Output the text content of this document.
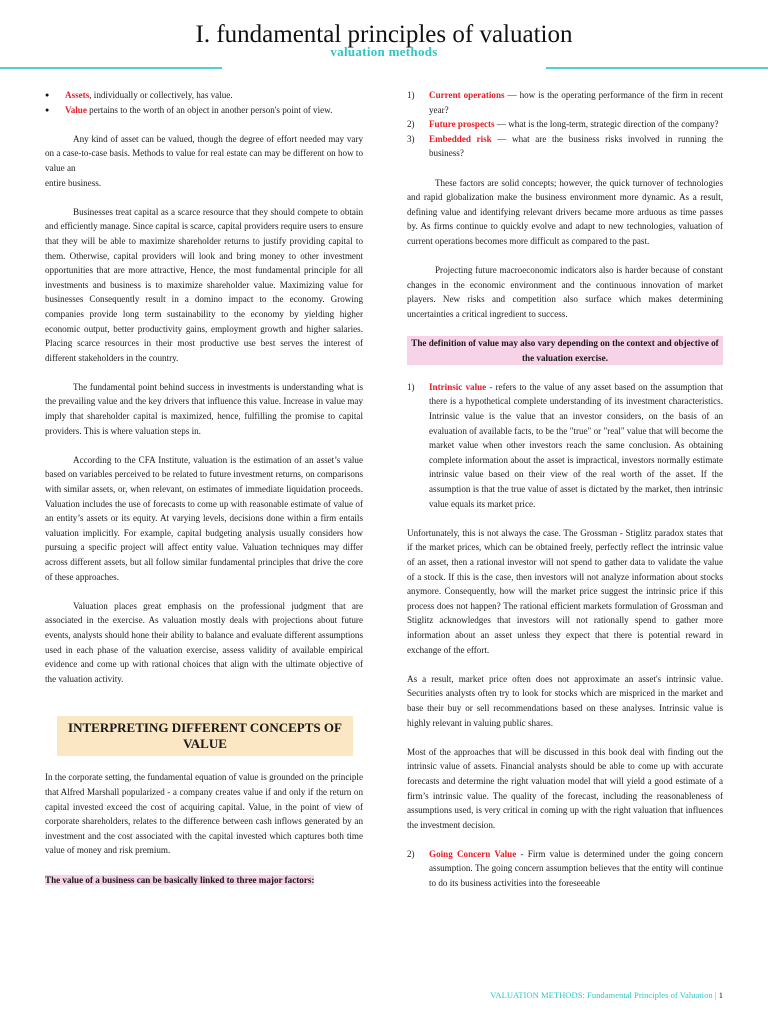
I. fundamental principles of valuation
valuation methods
● Assets, individually or collectively, has value.
● Value pertains to the worth of an object in another person's point of view.

Any kind of asset can be valued, though the degree of effort needed may vary on a case-to-case basis. Methods to value for real estate can may be different on how to value an
entire business.

Businesses treat capital as a scarce resource that they should compete to obtain and efficiently manage. Since capital is scarce, capital providers require users to ensure that they will be able to maximize shareholder returns to justify providing capital to them. Otherwise, capital providers will look and bring money to other investment opportunities that are more attractive, Hence, the most fundamental principle for all investments and business is to maximize shareholder value. Maximizing value for businesses Consequently result in a domino impact to the economy. Growing companies provide long term sustainability to the economy by yielding higher economic output, better productivity gains, employment growth and higher salaries. Placing scarce resources in their most productive use best serves the interest of different stakeholders in the country.

The fundamental point behind success in investments is understanding what is the prevailing value and the key drivers that influence this value. Increase in value may imply that shareholder capital is maximized, hence, fulfilling the promise to capital providers. This is where valuation steps in.

According to the CFA Institute, valuation is the estimation of an asset’s value based on variables perceived to be related to future investment returns, on comparisons with similar assets, or, when relevant, on estimates of immediate liquidation proceeds. Valuation includes the use of forecasts to come up with reasonable estimate of value of an entity’s assets or its equity. At varying levels, decisions done within a firm entails valuation implicitly. For example, capital budgeting analysis usually considers how pursuing a specific project will affect entity value. Valuation techniques may differ across different assets, but all follow similar fundamental principles that drive the core of these approaches.

Valuation places great emphasis on the professional judgment that are associated in the exercise. As valuation mostly deals with projections about future events, analysts should hone their ability to balance and evaluate different assumptions used in each phase of the valuation exercise, assess validity of available empirical evidence and come up with rational choices that align with the ultimate objective of the valuation activity.

INTERPRETING DIFFERENT CONCEPTS OF VALUE

In the corporate setting, the fundamental equation of value is grounded on the principle that Alfred Marshall popularized - a company creates value if and only if the return on capital invested exceed the cost of acquiring capital. Value, in the point of view of corporate shareholders, relates to the difference between cash inflows generated by an investment and the cost associated with the capital invested which captures both time value of money and risk premium.

The value of a business can be basically linked to three major factors:

1) Current operations — how is the operating performance of the firm in recent year?
2) Future prospects — what is the long-term, strategic direction of the company?
3) Embedded risk — what are the business risks involved in running the business?

These factors are solid concepts; however, the quick turnover of technologies and rapid globalization make the business environment more dynamic. As a result, defining value and identifying relevant drivers became more arduous as time passes by. As firms continue to quickly evolve and adapt to new technologies, valuation of current operations becomes more difficult as compared to the past.

Projecting future macroeconomic indicators also is harder because of constant changes in the economic environment and the continuous innovation of market players. New risks and competition also surface which makes determining uncertainties a critical ingredient to success.

The definition of value may also vary depending on the context and objective of the valuation exercise.
1) Intrinsic value - refers to the value of any asset based on the assumption that there is a hypothetical complete understanding of its investment characteristics. Intrinsic value is the value that an investor considers, on the basis of an evaluation of available facts, to be the "true" or "real" value that will become the market value when other investors reach the same conclusion. As obtaining complete information about the asset is impractical, investors normally estimate intrinsic value based on their view of the real worth of the asset. If the assumption is that the true value of asset is dictated by the market, then intrinsic value equals its market price.

Unfortunately, this is not always the case. The Grossman - Stiglitz paradox states that if the market prices, which can be obtained freely, perfectly reflect the intrinsic value of an asset, then a rational investor will not spend to gather data to validate the value of a stock. If this is the case, then investors will not analyze information about stocks anymore. Consequently, how will the market price suggest the intrinsic price if this process does not happen? The rational efficient markets formulation of Grossman and Stiglitz acknowledges that investors will not rationally spend to gather more information about an asset unless they expect that there is potential reward in exchange of the effort.

As a result, market price often does not approximate an asset's intrinsic value. Securities analysts often try to look for stocks which are mispriced in the market and base their buy or sell recommendations based on these analyses. Intrinsic value is highly relevant in valuing public shares.

Most of the approaches that will be discussed in this book deal with finding out the intrinsic value of assets. Financial analysts should be able to come up with accurate forecasts and determine the right valuation model that will yield a good estimate of a firm’s intrinsic value. The quality of the forecast, including the reasonableness of assumptions used, is very critical in coming up with the right valuation that influences the investment decision.

2) Going Concern Value - Firm value is determined under the going concern assumption. The going concern assumption believes that the entity will continue to do its business activities into the foreseeable
VALUATION METHODS: Fundamental Principles of Valuation | 1
